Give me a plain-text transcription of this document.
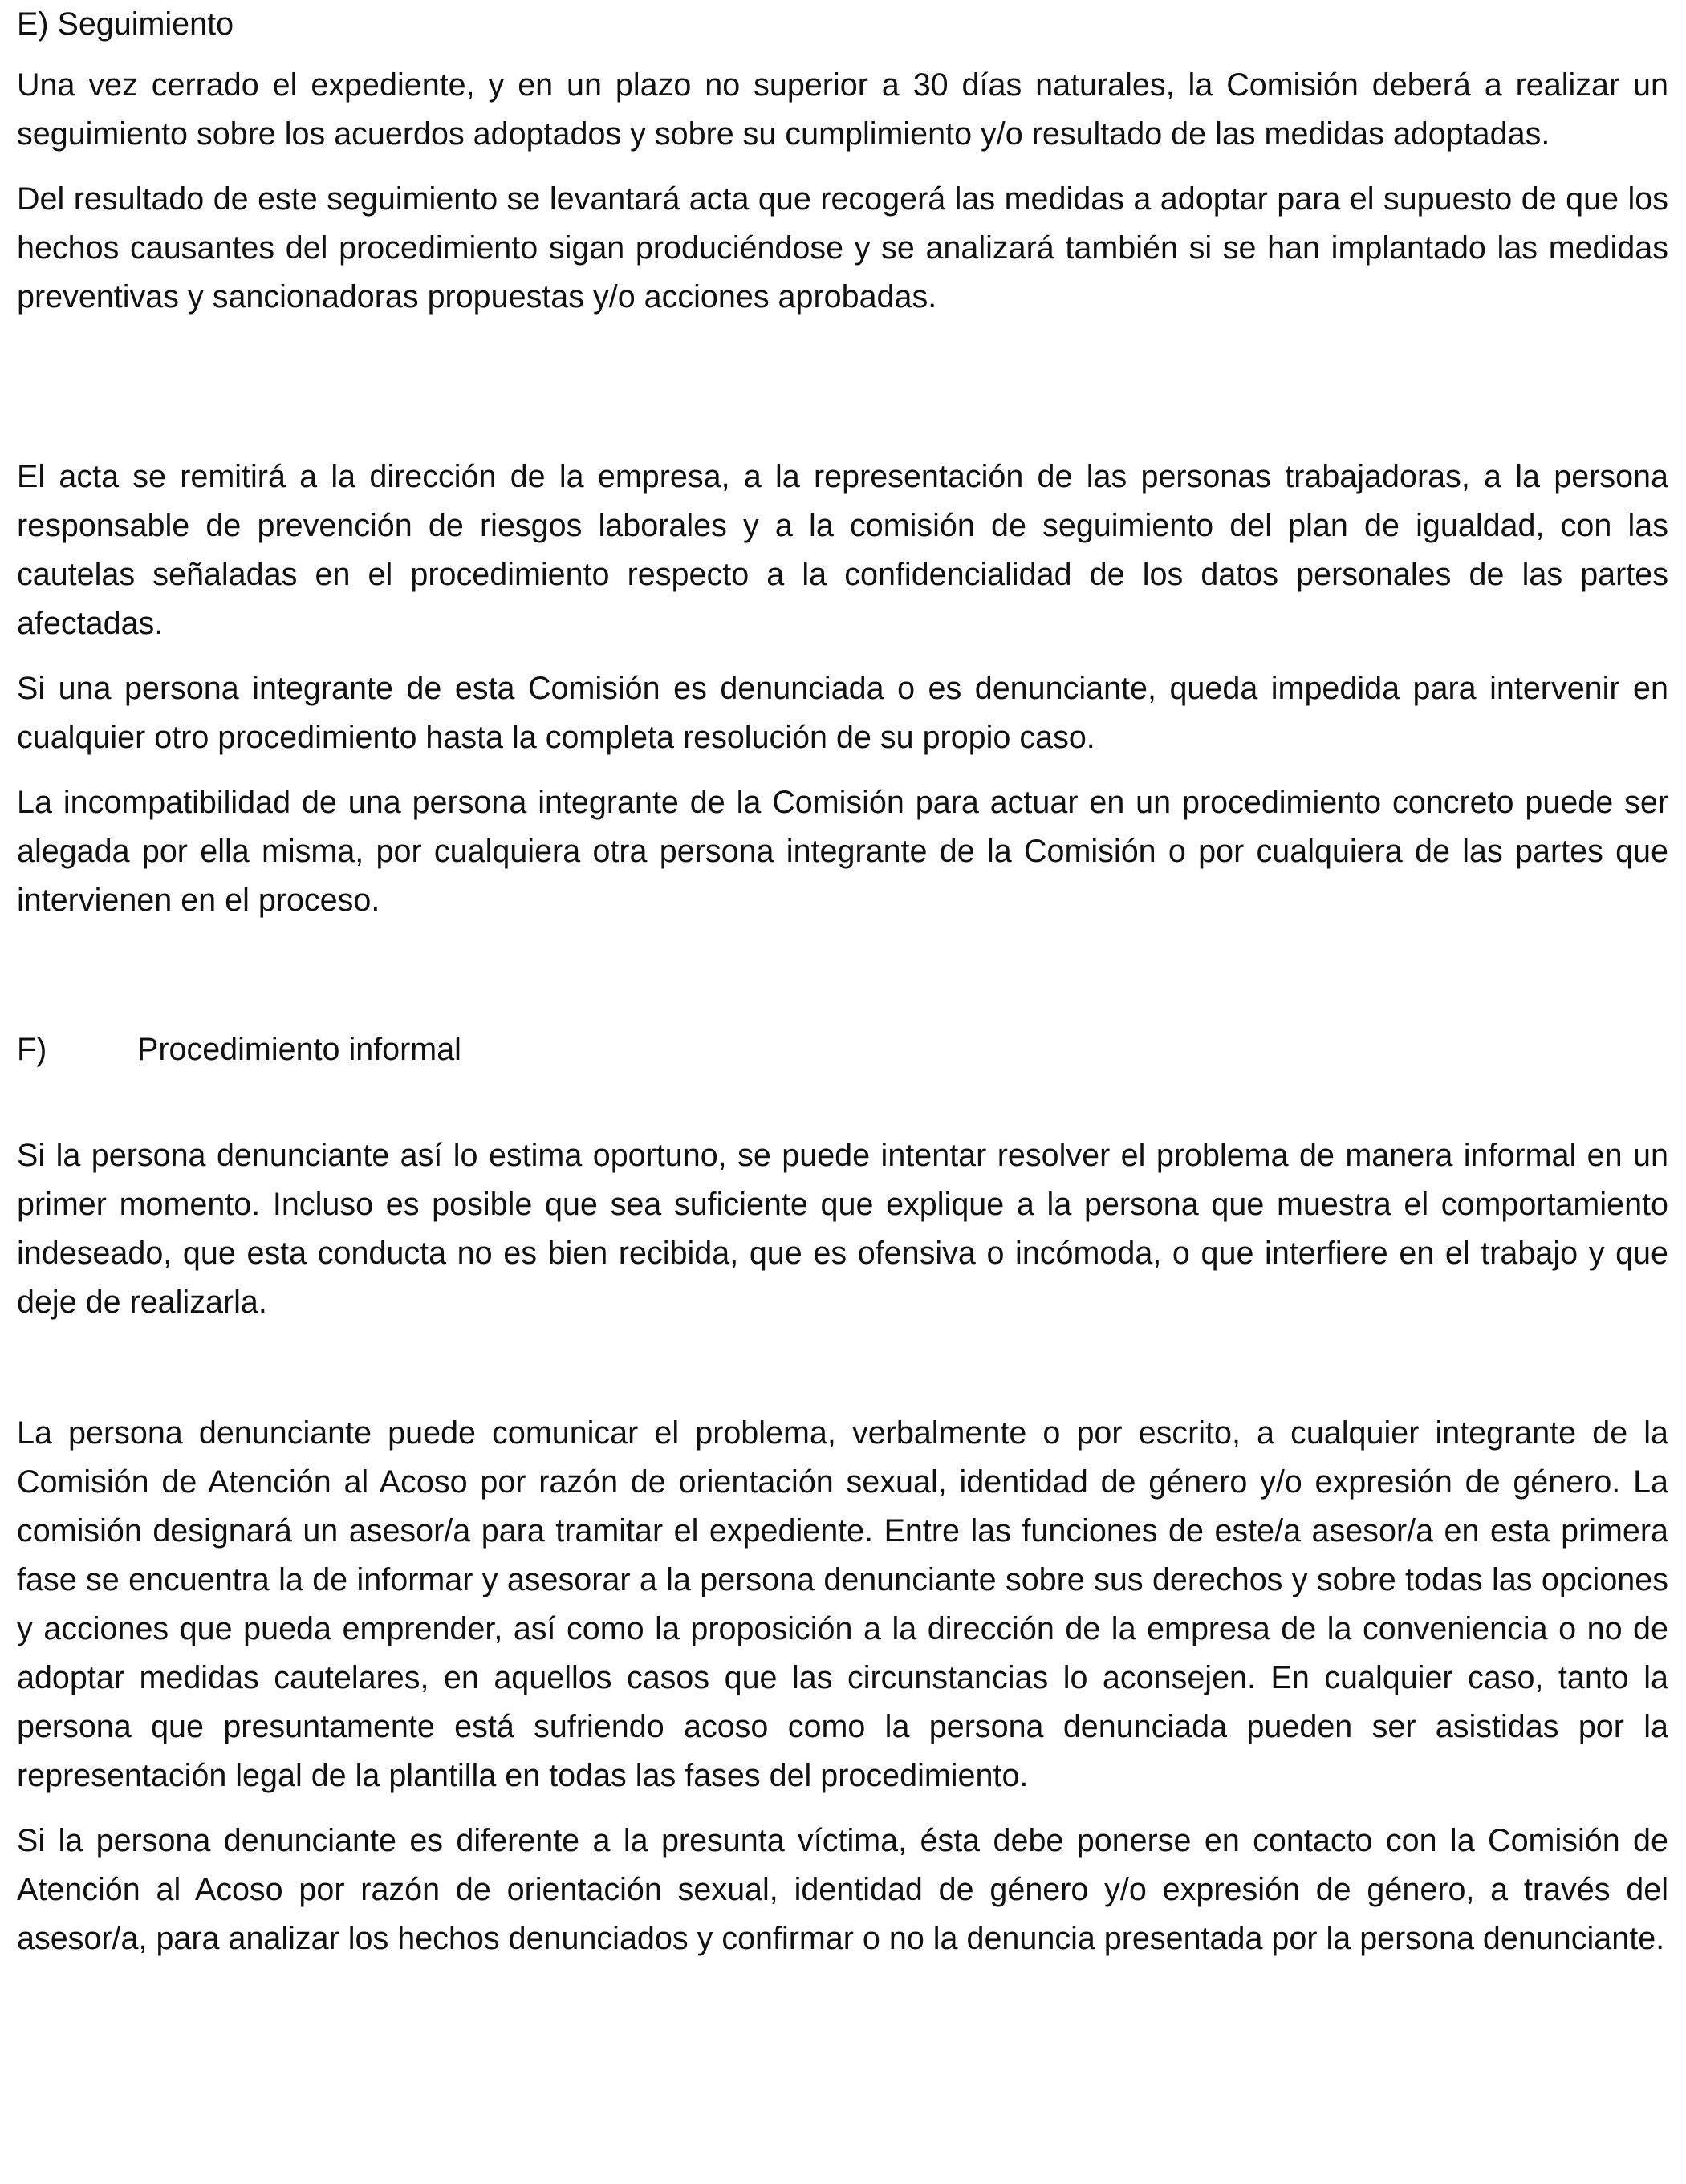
E) Seguimiento

Una vez cerrado el expediente, y en un plazo no superior a 30 días naturales, la Comisión deberá a realizar un seguimiento sobre los acuerdos adoptados y sobre su cumplimiento y/o resultado de las medidas adoptadas.

Del resultado de este seguimiento se levantará acta que recogerá las medidas a adoptar para el supuesto de que los hechos causantes del procedimiento sigan produciéndose y se analizará también si se han implantado las medidas preventivas y sancionadoras propuestas y/o acciones aprobadas.

El acta se remitirá a la dirección de la empresa, a la representación de las personas trabajadoras, a la persona responsable de prevención de riesgos laborales y a la comisión de seguimiento del plan de igualdad, con las cautelas señaladas en el procedimiento respecto a la confidencialidad de los datos personales de las partes afectadas.

Si una persona integrante de esta Comisión es denunciada o es denunciante, queda impedida para intervenir en cualquier otro procedimiento hasta la completa resolución de su propio caso.

La incompatibilidad de una persona integrante de la Comisión para actuar en un procedimiento concreto puede ser alegada por ella misma, por cualquiera otra persona integrante de la Comisión o por cualquiera de las partes que intervienen en el proceso.

F)	Procedimiento informal

Si la persona denunciante así lo estima oportuno, se puede intentar resolver el problema de manera informal en un primer momento. Incluso es posible que sea suficiente que explique a la persona que muestra el comportamiento indeseado, que esta conducta no es bien recibida, que es ofensiva o incómoda, o que interfiere en el trabajo y que deje de realizarla.

La persona denunciante puede comunicar el problema, verbalmente o por escrito, a cualquier integrante de la Comisión de Atención al Acoso por razón de orientación sexual, identidad de género y/o expresión de género. La comisión designará un asesor/a para tramitar el expediente. Entre las funciones de este/a asesor/a en esta primera fase se encuentra la de informar y asesorar a la persona denunciante sobre sus derechos y sobre todas las opciones y acciones que pueda emprender, así como la proposición a la dirección de la empresa de la conveniencia o no de adoptar medidas cautelares, en aquellos casos que las circunstancias lo aconsejen. En cualquier caso, tanto la persona que presuntamente está sufriendo acoso como la persona denunciada pueden ser asistidas por la representación legal de la plantilla en todas las fases del procedimiento.

Si la persona denunciante es diferente a la presunta víctima, ésta debe ponerse en contacto con la Comisión de Atención al Acoso por razón de orientación sexual, identidad de género y/o expresión de género, a través del asesor/a, para analizar los hechos denunciados y confirmar o no la denuncia presentada por la persona denunciante.
